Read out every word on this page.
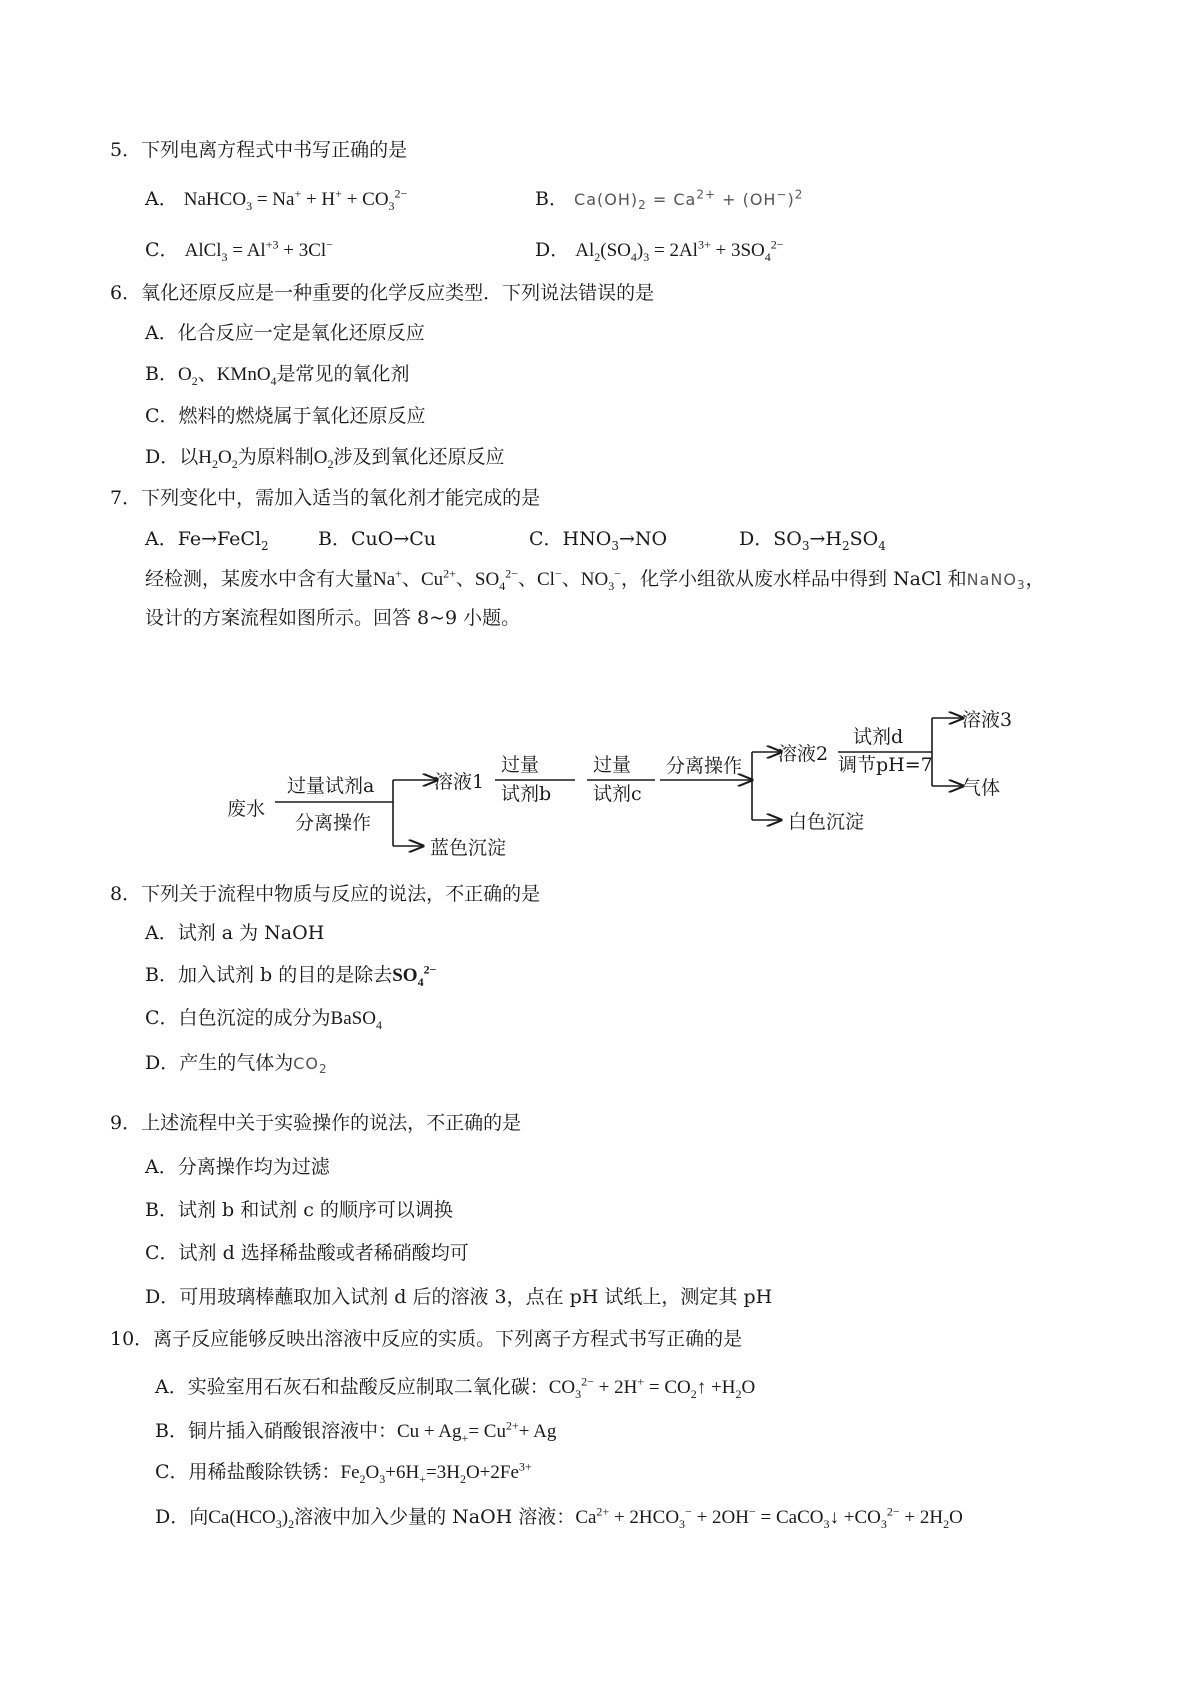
5．下列电离方程式中书写正确的是
A． NaHCO$_3$ = $Na^+ + H^+ + CO_3^{2-}$	B． $Ca(OH)_2 = Ca^{2+} + (OH^-)^2$
C． AlCl$_3$ = $Al^{+3} + 3Cl^-$	D． $Al_2(SO_4)_3 = 2Al^{3+} + 3SO_4^{2-}$
6．氧化还原反应是一种重要的化学反应类型．下列说法错误的是
A．化合反应一定是氧化还原反应
B．$O_2$、KMnO$_4$是常见的氧化剂
C．燃料的燃烧属于氧化还原反应
D．以$H_2O_2$为原料制$O_2$涉及到氧化还原反应
7．下列变化中，需加入适当的氧化剂才能完成的是
A．Fe→FeCl$_2$	B．CuO→Cu	C．$HNO_3\to NO$	D．$SO_3\to H_2SO_4$
经检测，某废水中含有大量Na+、$Cu^{2+}$、$SO_4^{2-}$、Cl−、$NO_3^-$，化学小组欲从废水样品中得到 NaCl 和NaNO$_3$，
设计的方案流程如图所示。回答 8~9 小题。
废水
过量试剂a
分离操作
溶液1
蓝色沉淀
过量
试剂b
过量
试剂c
分离操作
溶液2
白色沉淀
试剂d
调节pH=7
溶液3
气体
8．下列关于流程中物质与反应的说法，不正确的是
A．试剂 a 为 NaOH
B．加入试剂 b 的目的是除去$SO_4^{2-}$
C．白色沉淀的成分为BaSO$_4$
D．产生的气体为$CO_2$
9．上述流程中关于实验操作的说法，不正确的是
A．分离操作均为过滤
B．试剂 b 和试剂 c 的顺序可以调换
C．试剂 d 选择稀盐酸或者稀硝酸均可
D．可用玻璃棒蘸取加入试剂 d 后的溶液 3，点在 pH 试纸上，测定其 pH
10．离子反应能够反映出溶液中反应的实质。下列离子方程式书写正确的是
A．实验室用石灰石和盐酸反应制取二氧化碳：$CO_3^{2-} + 2H^+$ = $CO_2↑ +H_2O$
B．铜片插入硝酸银溶液中：$Cu + Ag_+= Cu^{2+}+ Ag$
C．用稀盐酸除铁锈：$Fe_2O_3+6H_+=3H_2O+2Fe^{3+}$
D．向$Ca(HCO_3)_2$溶液中加入少量的 NaOH 溶液：$Ca^{2+} + 2HCO_3^- + 2OH^-$ = CaCO$_3$↓ $+CO_3^{2-} + 2H_2O$
